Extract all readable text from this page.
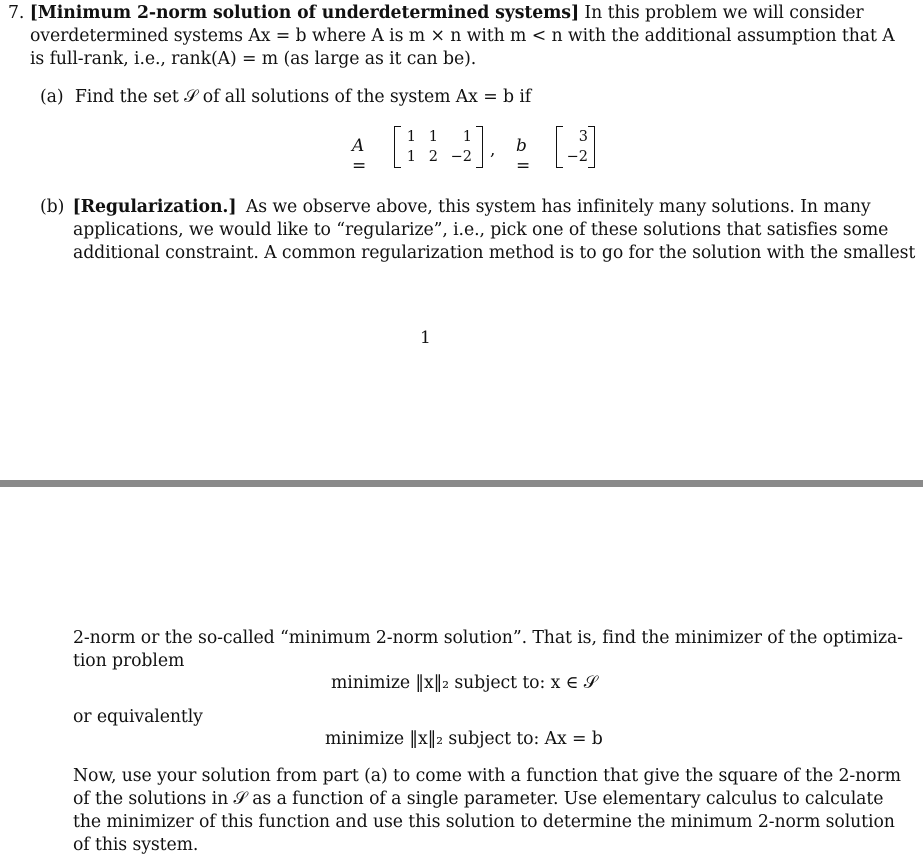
7. [Minimum 2-norm solution of underdetermined systems] In this problem we will consider
overdetermined systems Ax = b where A is m × n with m < n with the additional assumption that A
is full-rank, i.e., rank(A) = m (as large as it can be).
(a) Find the set 𝒮 of all solutions of the system Ax = b if
A =
1 1	1
1 2 −2 , b =
3
−2
(b) [Regularization.] As we observe above, this system has infinitely many solutions. In many
applications, we would like to “regularize”, i.e., pick one of these solutions that satisfies some
additional constraint. A common regularization method is to go for the solution with the smallest
1
2-norm or the so-called “minimum 2-norm solution”. That is, find the minimizer of the optimiza-
tion problem
minimize ‖x‖₂ subject to: x ∈ 𝒮
or equivalently
minimize ‖x‖₂ subject to: Ax = b
Now, use your solution from part (a) to come with a function that give the square of the 2-norm
of the solutions in 𝒮 as a function of a single parameter. Use elementary calculus to calculate
the minimizer of this function and use this solution to determine the minimum 2-norm solution
of this system.
